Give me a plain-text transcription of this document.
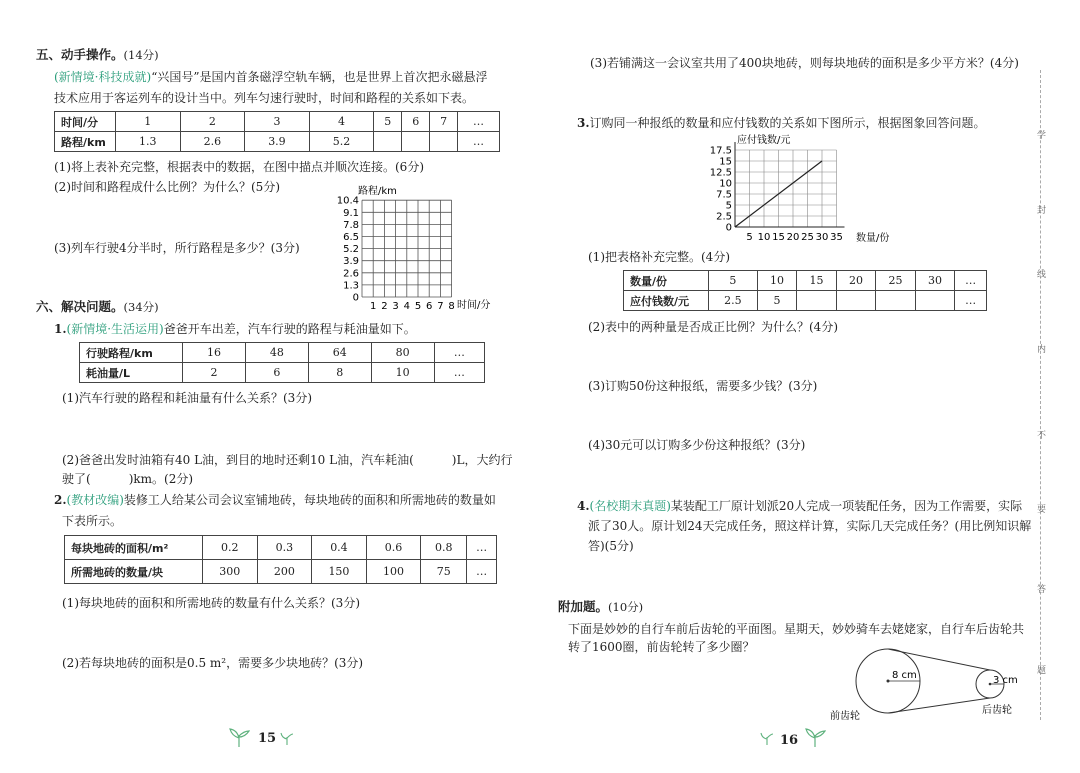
五、动手操作。(14分)
(新情境·科技成就)“兴国号”是国内首条磁浮空轨车辆，也是世界上首次把永磁悬浮
技术应用于客运列车的设计当中。列车匀速行驶时，时间和路程的关系如下表。
时间/分	1	2	3	4	5	6	7	…
路程/km	1.3	2.6	3.9	5.2				…
(1)将上表补充完整，根据表中的数据，在图中描点并顺次连接。(6分)
(2)时间和路程成什么比例？为什么？(5分)
(3)列车行驶4分半时，所行路程是多少？(3分)
路程/km
0
1.3
2.6
3.9
5.2
6.5
7.8
9.1
10.4
1 2 3 4 5 6 7 8 时间/分
六、解决问题。(34分)
1.(新情境·生活运用)爸爸开车出差，汽车行驶的路程与耗油量如下。
行驶路程/km	16	48	64	80	…
耗油量/L	2	6	8	10	…
(1)汽车行驶的路程和耗油量有什么关系？(3分)
(2)爸爸出发时油箱有40 L油，到目的地时还剩10 L油，汽车耗油(	)L，大约行
驶了(	)km。(2分)
2.(教材改编)装修工人给某公司会议室铺地砖，每块地砖的面积和所需地砖的数量如
下表所示。
每块地砖的面积/m²	0.2	0.3	0.4	0.6	0.8	…
所需地砖的数量/块	300	200	150	100	75	…
(1)每块地砖的面积和所需地砖的数量有什么关系？(3分)
(2)若每块地砖的面积是0.5 m²，需要多少块地砖？(3分)
15
(3)若铺满这一会议室共用了400块地砖，则每块地砖的面积是多少平方米？(4分)
3.订购同一种报纸的数量和应付钱数的关系如下图所示，根据图象回答问题。
应付钱数/元
0
2.5
5
7.5
10
12.5
15
17.5
5 10 15 20 25 30 35 数量/份
(1)把表格补充完整。(4分)
数量/份	5	10	15	20	25	30	…
应付钱数/元	2.5	5					…
(2)表中的两种量是否成正比例？为什么？(4分)
(3)订购50份这种报纸，需要多少钱？(3分)
(4)30元可以订购多少份这种报纸？(3分)
4.(名校期末真题)某装配工厂原计划派20人完成一项装配任务，因为工作需要，实际
派了30人。原计划24天完成任务，照这样计算，实际几天完成任务？(用比例知识解
答)(5分)
附加题。(10分)
下面是妙妙的自行车前后齿轮的平面图。星期天，妙妙骑车去姥姥家，自行车后齿轮共
转了1600圈，前齿轮转了多少圈？
8 cm	3 cm
前齿轮
后齿轮
16
学
封
线
内
不
要
答
题
